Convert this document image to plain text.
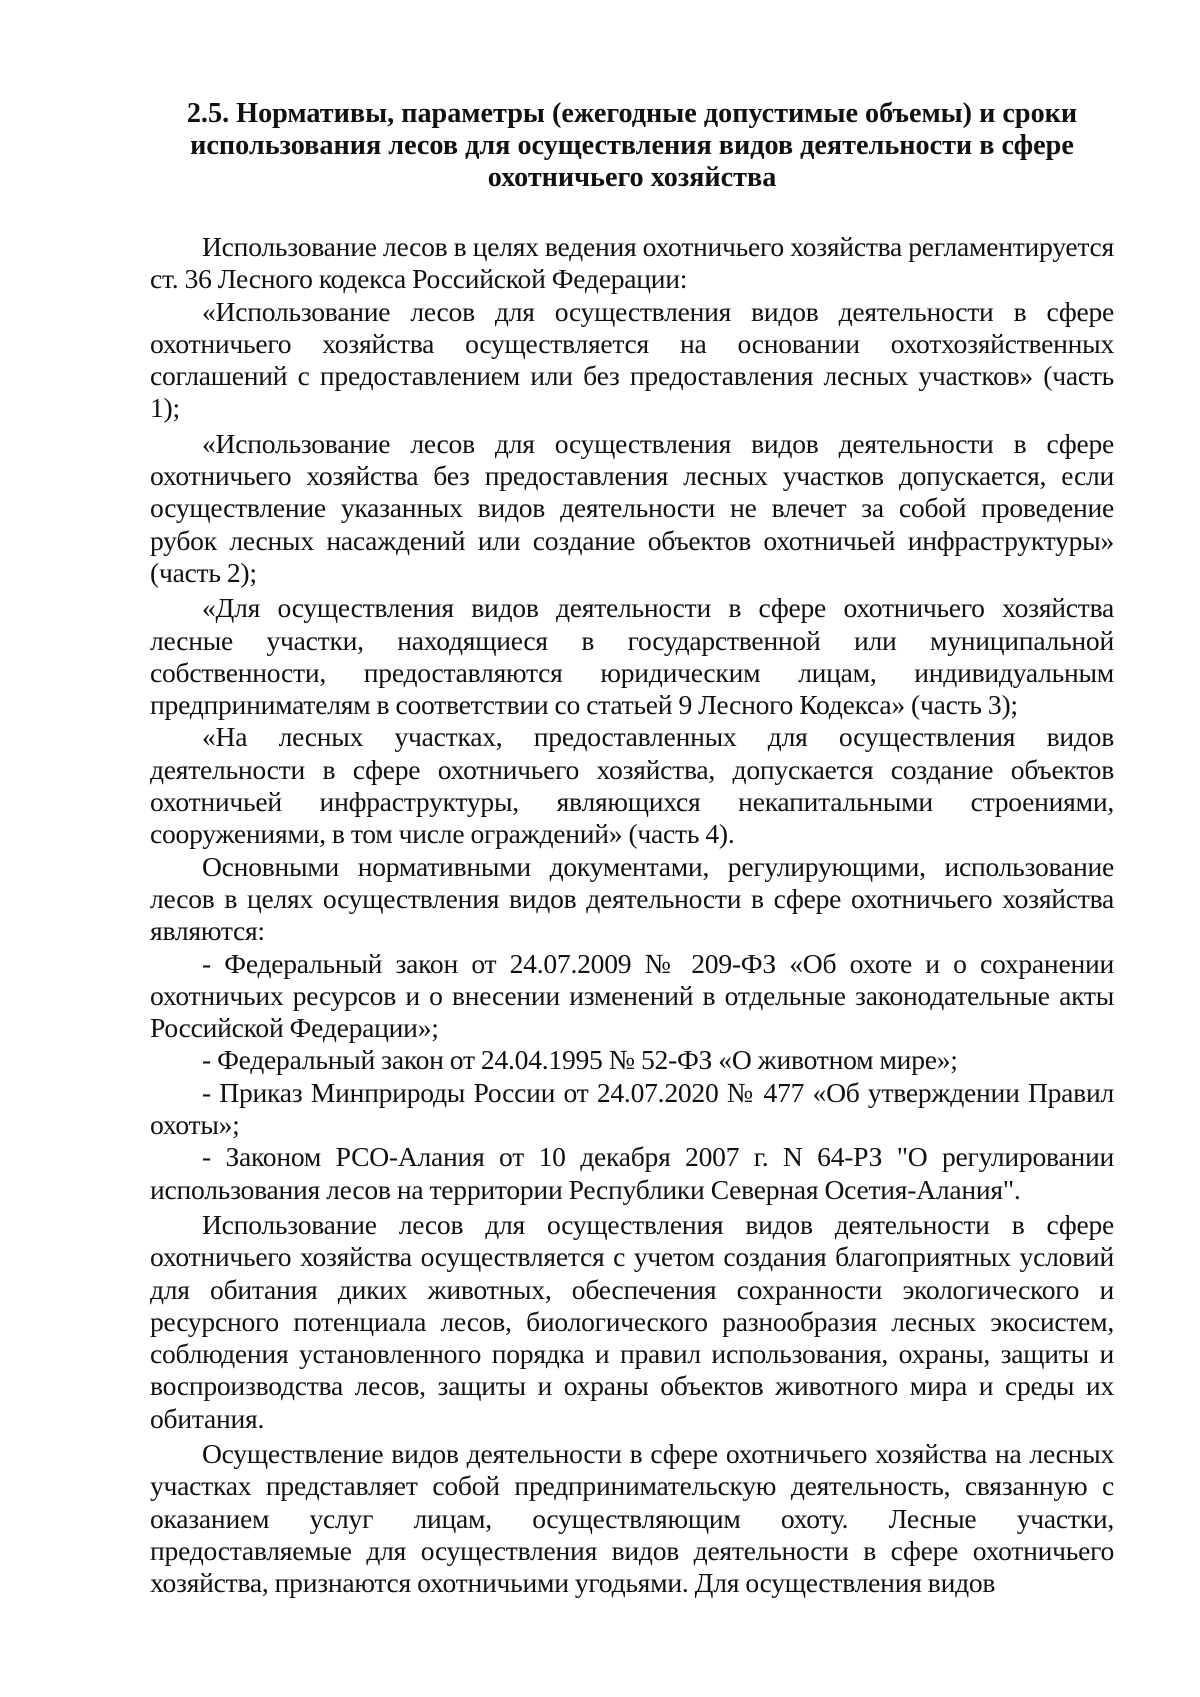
2.5. Нормативы, параметры (ежегодные допустимые объемы) и сроки
использования лесов для осуществления видов деятельности в сфере
охотничьего хозяйства

Использование лесов в целях ведения охотничьего хозяйства регламентируется ст. 36 Лесного кодекса Российской Федерации:

«Использование лесов для осуществления видов деятельности в сфере охотничьего хозяйства осуществляется на основании охотхозяйственных соглашений с предоставлением или без предоставления лесных участков» (часть 1);

«Использование лесов для осуществления видов деятельности в сфере охотничьего хозяйства без предоставления лесных участков допускается, если осуществление указанных видов деятельности не влечет за собой проведение рубок лесных насаждений или создание объектов охотничьей инфраструктуры» (часть 2);

«Для осуществления видов деятельности в сфере охотничьего хозяйства лесные участки, находящиеся в государственной или муниципальной собственности, предоставляются юридическим лицам, индивидуальным предпринимателям в соответствии со статьей 9 Лесного Кодекса» (часть 3);

«На лесных участках, предоставленных для осуществления видов деятельности в сфере охотничьего хозяйства, допускается создание объектов охотничьей инфраструктуры, являющихся некапитальными строениями, сооружениями, в том числе ограждений» (часть 4).

Основными нормативными документами, регулирующими, использование лесов в целях осуществления видов деятельности в сфере охотничьего хозяйства являются:

- Федеральный закон от 24.07.2009 № 209-ФЗ «Об охоте и о сохранении охотничьих ресурсов и о внесении изменений в отдельные законодательные акты Российской Федерации»;

- Федеральный закон от 24.04.1995 № 52-ФЗ «О животном мире»;

- Приказ Минприроды России от 24.07.2020 № 477 «Об утверждении Правил охоты»;

- Законом РСО-Алания от 10 декабря 2007 г. N 64-РЗ "О регулировании использования лесов на территории Республики Северная Осетия-Алания".

Использование лесов для осуществления видов деятельности в сфере охотничьего хозяйства осуществляется с учетом создания благоприятных условий для обитания диких животных, обеспечения сохранности экологического и ресурсного потенциала лесов, биологического разнообразия лесных экосистем, соблюдения установленного порядка и правил использования, охраны, защиты и воспроизводства лесов, защиты и охраны объектов животного мира и среды их обитания.

Осуществление видов деятельности в сфере охотничьего хозяйства на лесных участках представляет собой предпринимательскую деятельность, связанную с оказанием услуг лицам, осуществляющим охоту. Лесные участки, предоставляемые для осуществления видов деятельности в сфере охотничьего хозяйства, признаются охотничьими угодьями. Для осуществления видов
